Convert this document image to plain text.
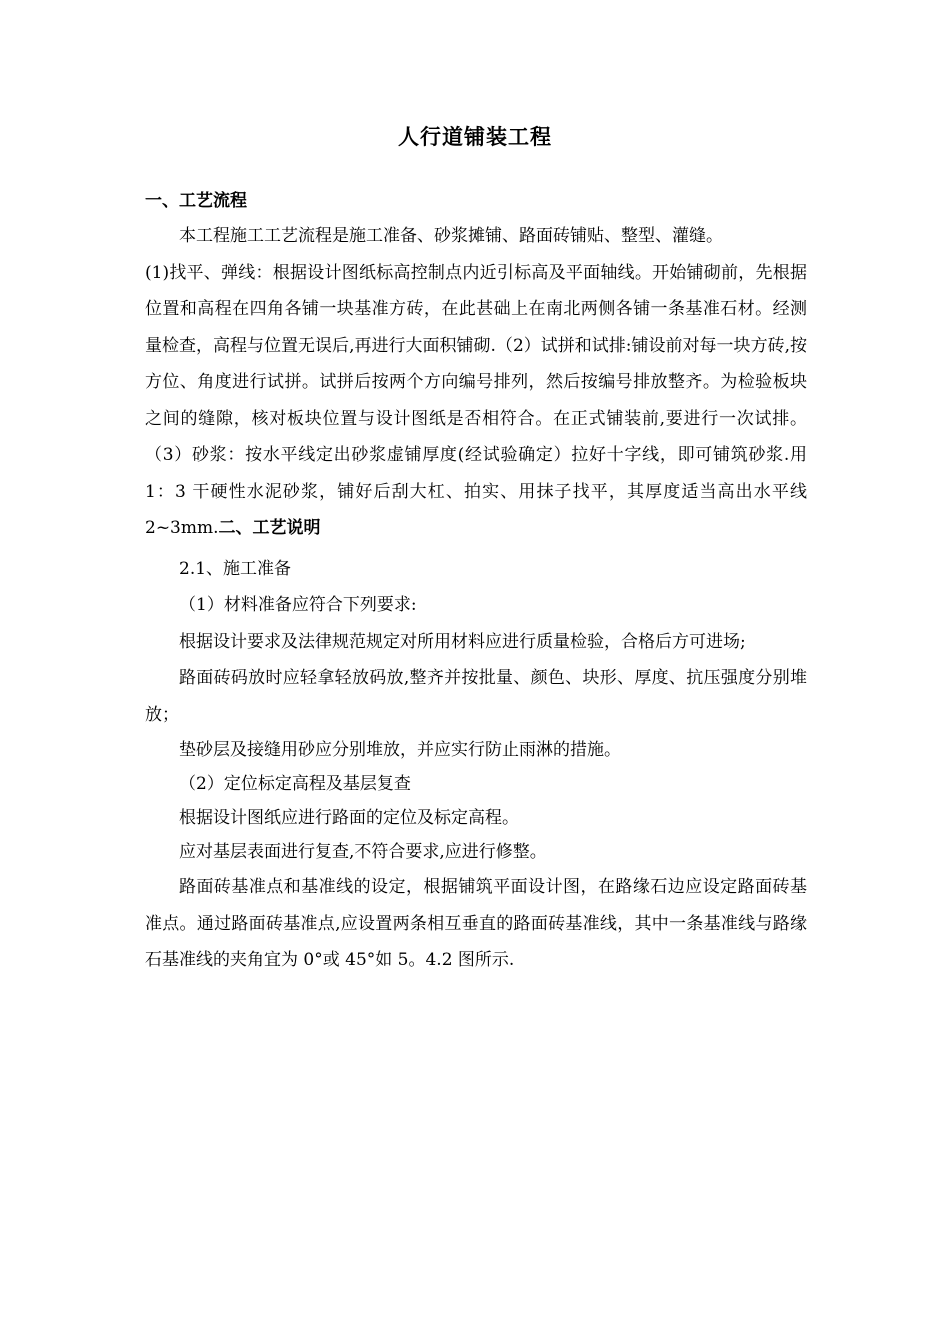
人行道铺装工程
一、工艺流程

本工程施工工艺流程是施工准备、砂浆摊铺、路面砖铺贴、整型、灌缝。

(1)找平、弹线：根据设计图纸标高控制点内近引标高及平面轴线。开始铺砌前，先根据位置和高程在四角各铺一块基准方砖，在此甚础上在南北两侧各铺一条基准石材。经测量检查，高程与位置无误后,再进行大面积铺砌.（2）试拼和试排:铺设前对每一块方砖,按方位、角度进行试拼。试拼后按两个方向编号排列，然后按编号排放整齐。为检验板块之间的缝隙，核对板块位置与设计图纸是否相符合。在正式铺装前,要进行一次试排。（3）砂浆：按水平线定出砂浆虚铺厚度(经试验确定）拉好十字线，即可铺筑砂浆.用 1：3 干硬性水泥砂浆，铺好后刮大杠、拍实、用抹子找平，其厚度适当高出水平线 2~3mm.二、工艺说明

2.1、施工准备

（1）材料准备应符合下列要求:

根据设计要求及法律规范规定对所用材料应进行质量检验，合格后方可进场;

路面砖码放时应轻拿轻放码放,整齐并按批量、颜色、块形、厚度、抗压强度分别堆放；

垫砂层及接缝用砂应分别堆放，并应实行防止雨淋的措施。

（2）定位标定高程及基层复查

根据设计图纸应进行路面的定位及标定高程。

应对基层表面进行复查,不符合要求,应进行修整。

路面砖基准点和基准线的设定，根据铺筑平面设计图，在路缘石边应设定路面砖基准点。通过路面砖基准点,应设置两条相互垂直的路面砖基准线，其中一条基准线与路缘石基准线的夹角宜为 0°或 45°如 5。4.2 图所示.
